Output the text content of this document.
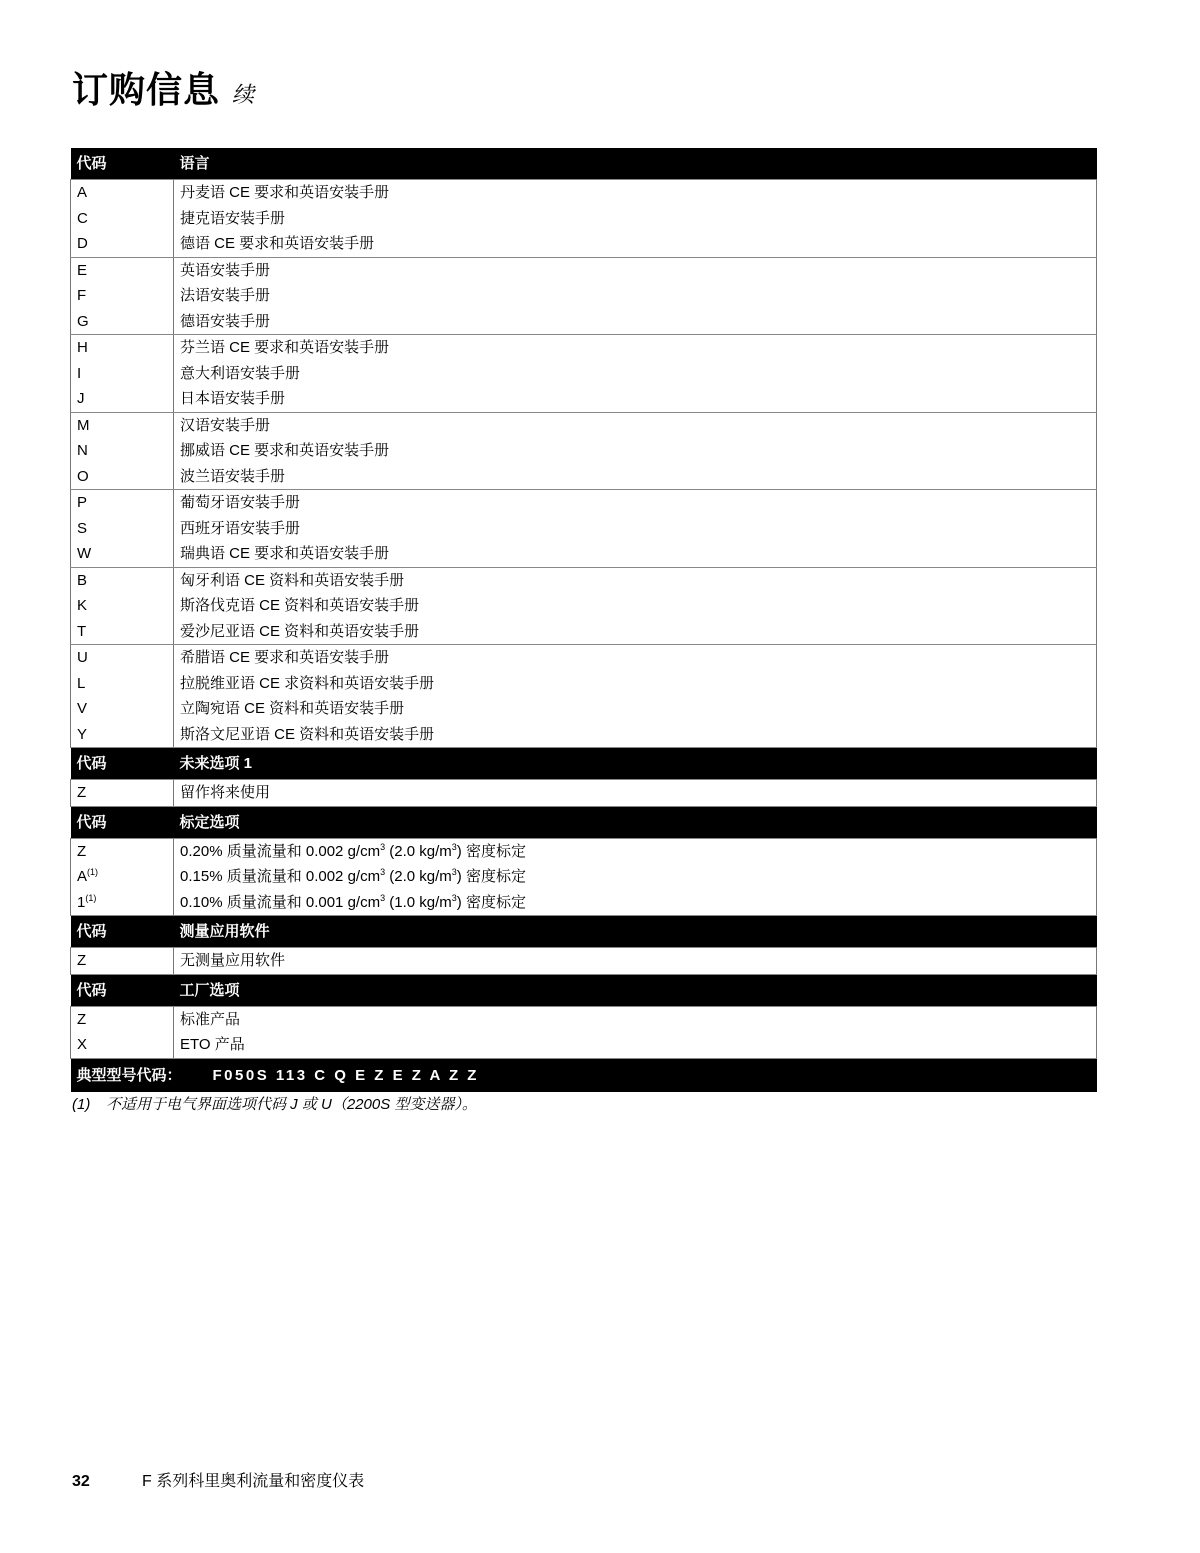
订购信息 续
代码	语言
A	丹麦语 CE 要求和英语安装手册
C	捷克语安装手册
D	德语 CE 要求和英语安装手册
E	英语安装手册
F	法语安装手册
G	德语安装手册
H	芬兰语 CE 要求和英语安装手册
I	意大利语安装手册
J	日本语安装手册
M	汉语安装手册
N	挪威语 CE 要求和英语安装手册
O	波兰语安装手册
P	葡萄牙语安装手册
S	西班牙语安装手册
W	瑞典语 CE 要求和英语安装手册
B	匈牙利语 CE 资料和英语安装手册
K	斯洛伐克语 CE 资料和英语安装手册
T	爱沙尼亚语 CE 资料和英语安装手册
U	希腊语 CE 要求和英语安装手册
L	拉脱维亚语 CE 求资料和英语安装手册
V	立陶宛语 CE 资料和英语安装手册
Y	斯洛文尼亚语 CE 资料和英语安装手册
代码	未来选项 1
Z	留作将来使用
代码	标定选项
Z	0.20% 质量流量和 0.002 $g/cm^3$ (2.0 $kg/m^3$) 密度标定
$A^{(1)}$	0.15% 质量流量和 0.002 $g/cm^3$ (2.0 $kg/m^3$) 密度标定
1$^{(1)}$	0.10% 质量流量和 0.001 $g/cm^3$ (1.0 $kg/m^3$) 密度标定
代码	测量应用软件
Z	无测量应用软件
代码	工厂选项
Z	标准产品
X	ETO 产品
典型型号代码： F050S 113 C Q E Z E Z A Z Z	
(1) 不适用于电气界面选项代码 J 或 U（2200S 型变送器）。
32	F 系列科里奥利流量和密度仪表
